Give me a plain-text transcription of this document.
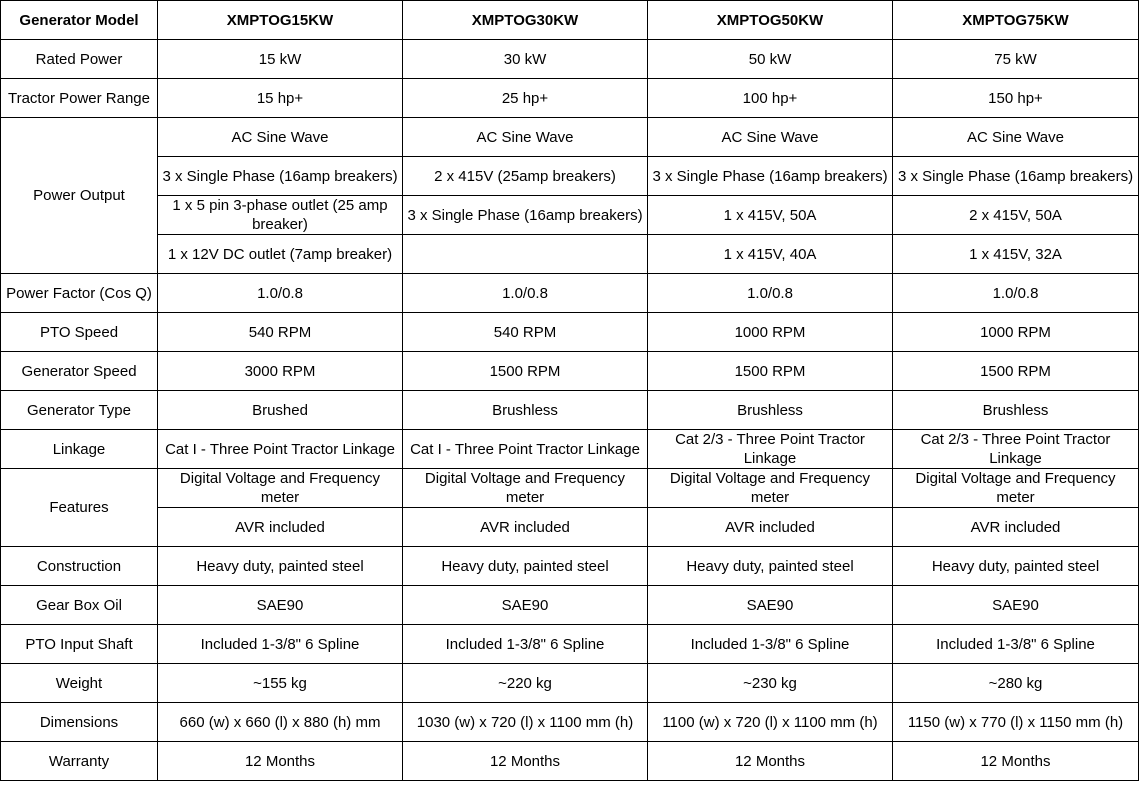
Generator Model	XMPTOG15KW	XMPTOG30KW	XMPTOG50KW	XMPTOG75KW
Rated Power	15 kW	30 kW	50 kW	75 kW
Tractor Power Range	15 hp+	25 hp+	100 hp+	150 hp+
Power Output	AC Sine Wave	AC Sine Wave	AC Sine Wave	AC Sine Wave
	3 x Single Phase (16amp breakers)	2 x 415V (25amp breakers)	3 x Single Phase (16amp breakers)	3 x Single Phase (16amp breakers)
	1 x 5 pin 3-phase outlet (25 amp breaker)	3 x Single Phase (16amp breakers)	1 x 415V, 50A	2 x 415V, 50A
	1 x 12V DC outlet (7amp breaker)		1 x 415V, 40A	1 x 415V, 32A
Power Factor (Cos Q)	1.0/0.8	1.0/0.8	1.0/0.8	1.0/0.8
PTO Speed	540 RPM	540 RPM	1000 RPM	1000 RPM
Generator Speed	3000 RPM	1500 RPM	1500 RPM	1500 RPM
Generator Type	Brushed	Brushless	Brushless	Brushless
Linkage	Cat I - Three Point Tractor Linkage	Cat I - Three Point Tractor Linkage	Cat 2/3 - Three Point Tractor Linkage	Cat 2/3 - Three Point Tractor Linkage
Features	Digital Voltage and Frequency meter	Digital Voltage and Frequency meter	Digital Voltage and Frequency meter	Digital Voltage and Frequency meter
	AVR included	AVR included	AVR included	AVR included
Construction	Heavy duty, painted steel	Heavy duty, painted steel	Heavy duty, painted steel	Heavy duty, painted steel
Gear Box Oil	SAE90	SAE90	SAE90	SAE90
PTO Input Shaft	Included 1-3/8" 6 Spline	Included 1-3/8" 6 Spline	Included 1-3/8" 6 Spline	Included 1-3/8" 6 Spline
Weight	~155 kg	~220 kg	~230 kg	~280 kg
Dimensions	660 (w) x 660 (l) x 880 (h) mm	1030 (w) x 720 (l) x 1100 mm (h)	1100 (w) x 720 (l) x 1100 mm (h)	1150 (w) x 770 (l) x 1150 mm (h)
Warranty	12 Months	12 Months	12 Months	12 Months
